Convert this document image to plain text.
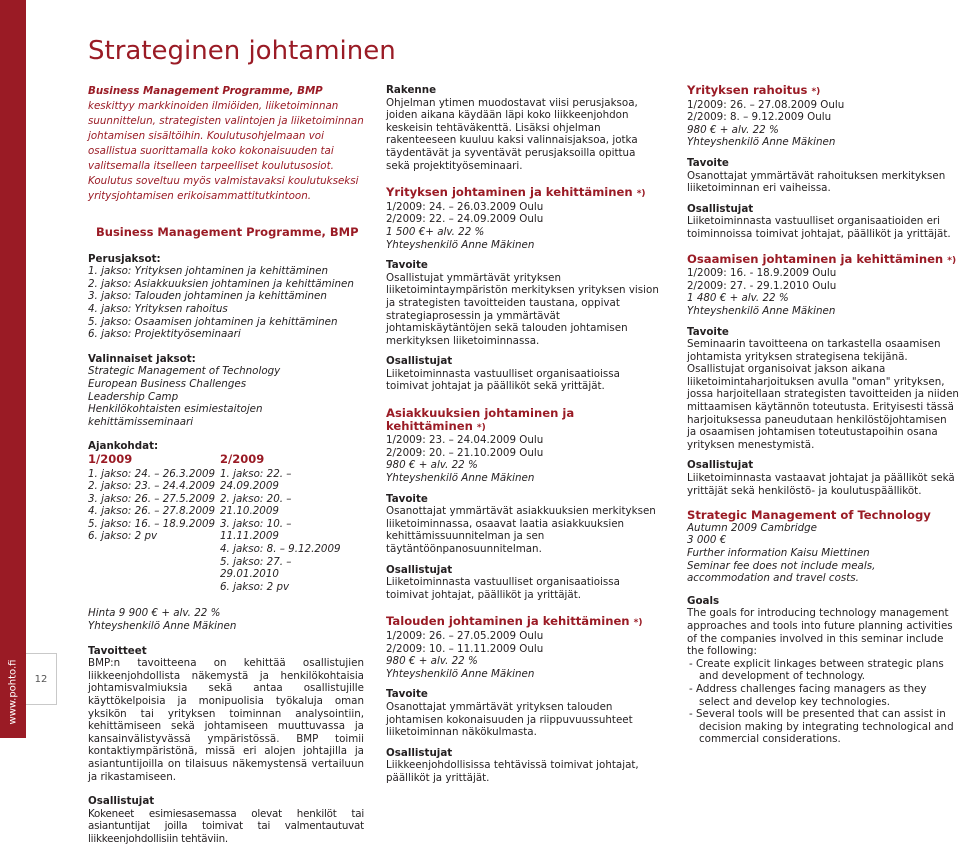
www.pohto.fi	12
Strateginen johtaminen

Business Management Programme, BMP keskittyy markkinoiden ilmiöiden, liiketoiminnan suunnittelun, strategisten valintojen ja liiketoiminnan johtamisen sisältöihin. Koulutusohjelmaan voi osallistua suorittamalla koko kokonaisuuden tai valitsemalla itselleen tarpeelliset koulutusosiot. Koulutus soveltuu myös valmistavaksi koulutukseksi yritysjohtamisen erikoisammattitutkintoon.

Business Management Programme, BMP

Perusjaksot:

1. jakso: Yrityksen johtaminen ja kehittäminen

2. jakso: Asiakkuuksien johtaminen ja kehittäminen

3. jakso: Talouden johtaminen ja kehittäminen

4. jakso: Yrityksen rahoitus

5. jakso: Osaamisen johtaminen ja kehittäminen

6. jakso: Projektityöseminaari

Valinnaiset jaksot:

Strategic Management of Technology

European Business Challenges

Leadership Camp

Henkilökohtaisten esimiestaitojen kehittämisseminaari

Ajankohdat:

1/2009

1. jakso: 24. – 26.3.2009

2. jakso: 23. – 24.4.2009

3. jakso: 26. – 27.5.2009

4. jakso: 26. – 27.8.2009

5. jakso: 16. – 18.9.2009

6. jakso: 2 pv

2/2009

1. jakso: 22. – 24.09.2009

2. jakso: 20. – 21.10.2009

3. jakso: 10. – 11.11.2009

4. jakso: 8. – 9.12.2009

5. jakso: 27. – 29.01.2010

6. jakso: 2 pv

Hinta 9 900 € + alv. 22 %

Yhteyshenkilö Anne Mäkinen

Tavoitteet

BMP:n tavoitteena on kehittää osallistujien liikkeenjohdollista näkemystä ja henkilökohtaisia johtamisvalmiuksia sekä antaa osallistujille käyttökelpoisia ja monipuolisia työkaluja oman yksikön tai yrityksen toiminnan analysointiin, kehittämiseen sekä johtamiseen muuttuvassa ja kansainvälistyvässä ympäristössä. BMP toimii kontaktiympäristönä, missä eri alojen johtajilla ja asiantuntijoilla on tilaisuus näkemystensä vertailuun ja rikastamiseen.

Osallistujat

Kokeneet esimiesasemassa olevat henkilöt tai asiantuntijat joilla toimivat tai valmentautuvat liikkeenjohdollisiin tehtäviin.

Rakenne

Ohjelman ytimen muodostavat viisi perusjaksoa, joiden aikana käydään läpi koko liikkeenjohdon keskeisin tehtäväkenttä. Lisäksi ohjelman rakenteeseen kuuluu kaksi valinnaisjaksoa, jotka täydentävät ja syventävät perusjaksoilla opittua sekä projektityöseminaari.

Yrityksen johtaminen ja kehittäminen *)

1/2009: 24. – 26.03.2009 Oulu

2/2009: 22. – 24.09.2009 Oulu

1 500 €+ alv. 22 %

Yhteyshenkilö Anne Mäkinen

Tavoite

Osallistujat ymmärtävät yrityksen liiketoimintaympäristön merkityksen yrityksen vision ja strategisten tavoitteiden taustana, oppivat strategiaprosessin ja ymmärtävät johtamiskäytäntöjen sekä talouden johtamisen merkityksen liiketoiminnassa.

Osallistujat

Liiketoiminnasta vastuulliset organisaatioissa toimivat johtajat ja päälliköt sekä yrittäjät.

Asiakkuuksien johtaminen ja kehittäminen *)

1/2009: 23. – 24.04.2009 Oulu

2/2009: 20. – 21.10.2009 Oulu

980 € + alv. 22 %

Yhteyshenkilö Anne Mäkinen

Tavoite

Osanottajat ymmärtävät asiakkuuksien merkityksen liiketoiminnassa, osaavat laatia asiakkuuksien kehittämissuunnitelman ja sen täytäntöönpanosuunnitelman.

Osallistujat

Liiketoiminnasta vastuulliset organisaatioissa toimivat johtajat, päälliköt ja yrittäjät.

Talouden johtaminen ja kehittäminen *)

1/2009: 26. – 27.05.2009 Oulu

2/2009: 10. – 11.11.2009 Oulu

980 € + alv. 22 %

Yhteyshenkilö Anne Mäkinen

Tavoite

Osanottajat ymmärtävät yrityksen talouden johtamisen kokonaisuuden ja riippuvuussuhteet liiketoiminnan näkökulmasta.

Osallistujat

Liikkeenjohdollisissa tehtävissä toimivat johtajat, päälliköt ja yrittäjät.

Yrityksen rahoitus *)

1/2009: 26. – 27.08.2009 Oulu

2/2009: 8. – 9.12.2009 Oulu

980 € + alv. 22 %

Yhteyshenkilö Anne Mäkinen

Tavoite

Osanottajat ymmärtävät rahoituksen merkityksen liiketoiminnan eri vaiheissa.

Osallistujat

Liiketoiminnasta vastuulliset organisaatioiden eri toiminnoissa toimivat johtajat, päälliköt ja yrittäjät.

Osaamisen johtaminen ja kehittäminen *)

1/2009: 16. - 18.9.2009 Oulu

2/2009: 27. - 29.1.2010 Oulu

1 480 € + alv. 22 %

Yhteyshenkilö Anne Mäkinen

Tavoite

Seminaarin tavoitteena on tarkastella osaamisen johtamista yrityksen strategisena tekijänä. Osallistujat organisoivat jakson aikana liiketoimintaharjoituksen avulla "oman" yrityksen, jossa harjoitellaan strategisten tavoitteiden ja niiden mittaamisen käytännön toteutusta. Erityisesti tässä harjoituksessa paneudutaan henkilöstöjohtamisen ja osaamisen johtamisen toteutustapoihin osana yrityksen menestymistä.

Osallistujat

Liiketoiminnasta vastaavat johtajat ja päälliköt sekä yrittäjät sekä henkilöstö- ja koulutuspäälliköt.

Strategic Management of Technology

Autumn 2009 Cambridge

3 000 €

Further information Kaisu Miettinen

Seminar fee does not include meals, accommodation and travel costs.

Goals

The goals for introducing technology management approaches and tools into future planning activities of the companies involved in this seminar include the following:

- Create explicit linkages between strategic plans and development of technology.
- Address challenges facing managers as they select and develop key technologies.
- Several tools will be presented that can assist in decision making by integrating technological and commercial considerations.
